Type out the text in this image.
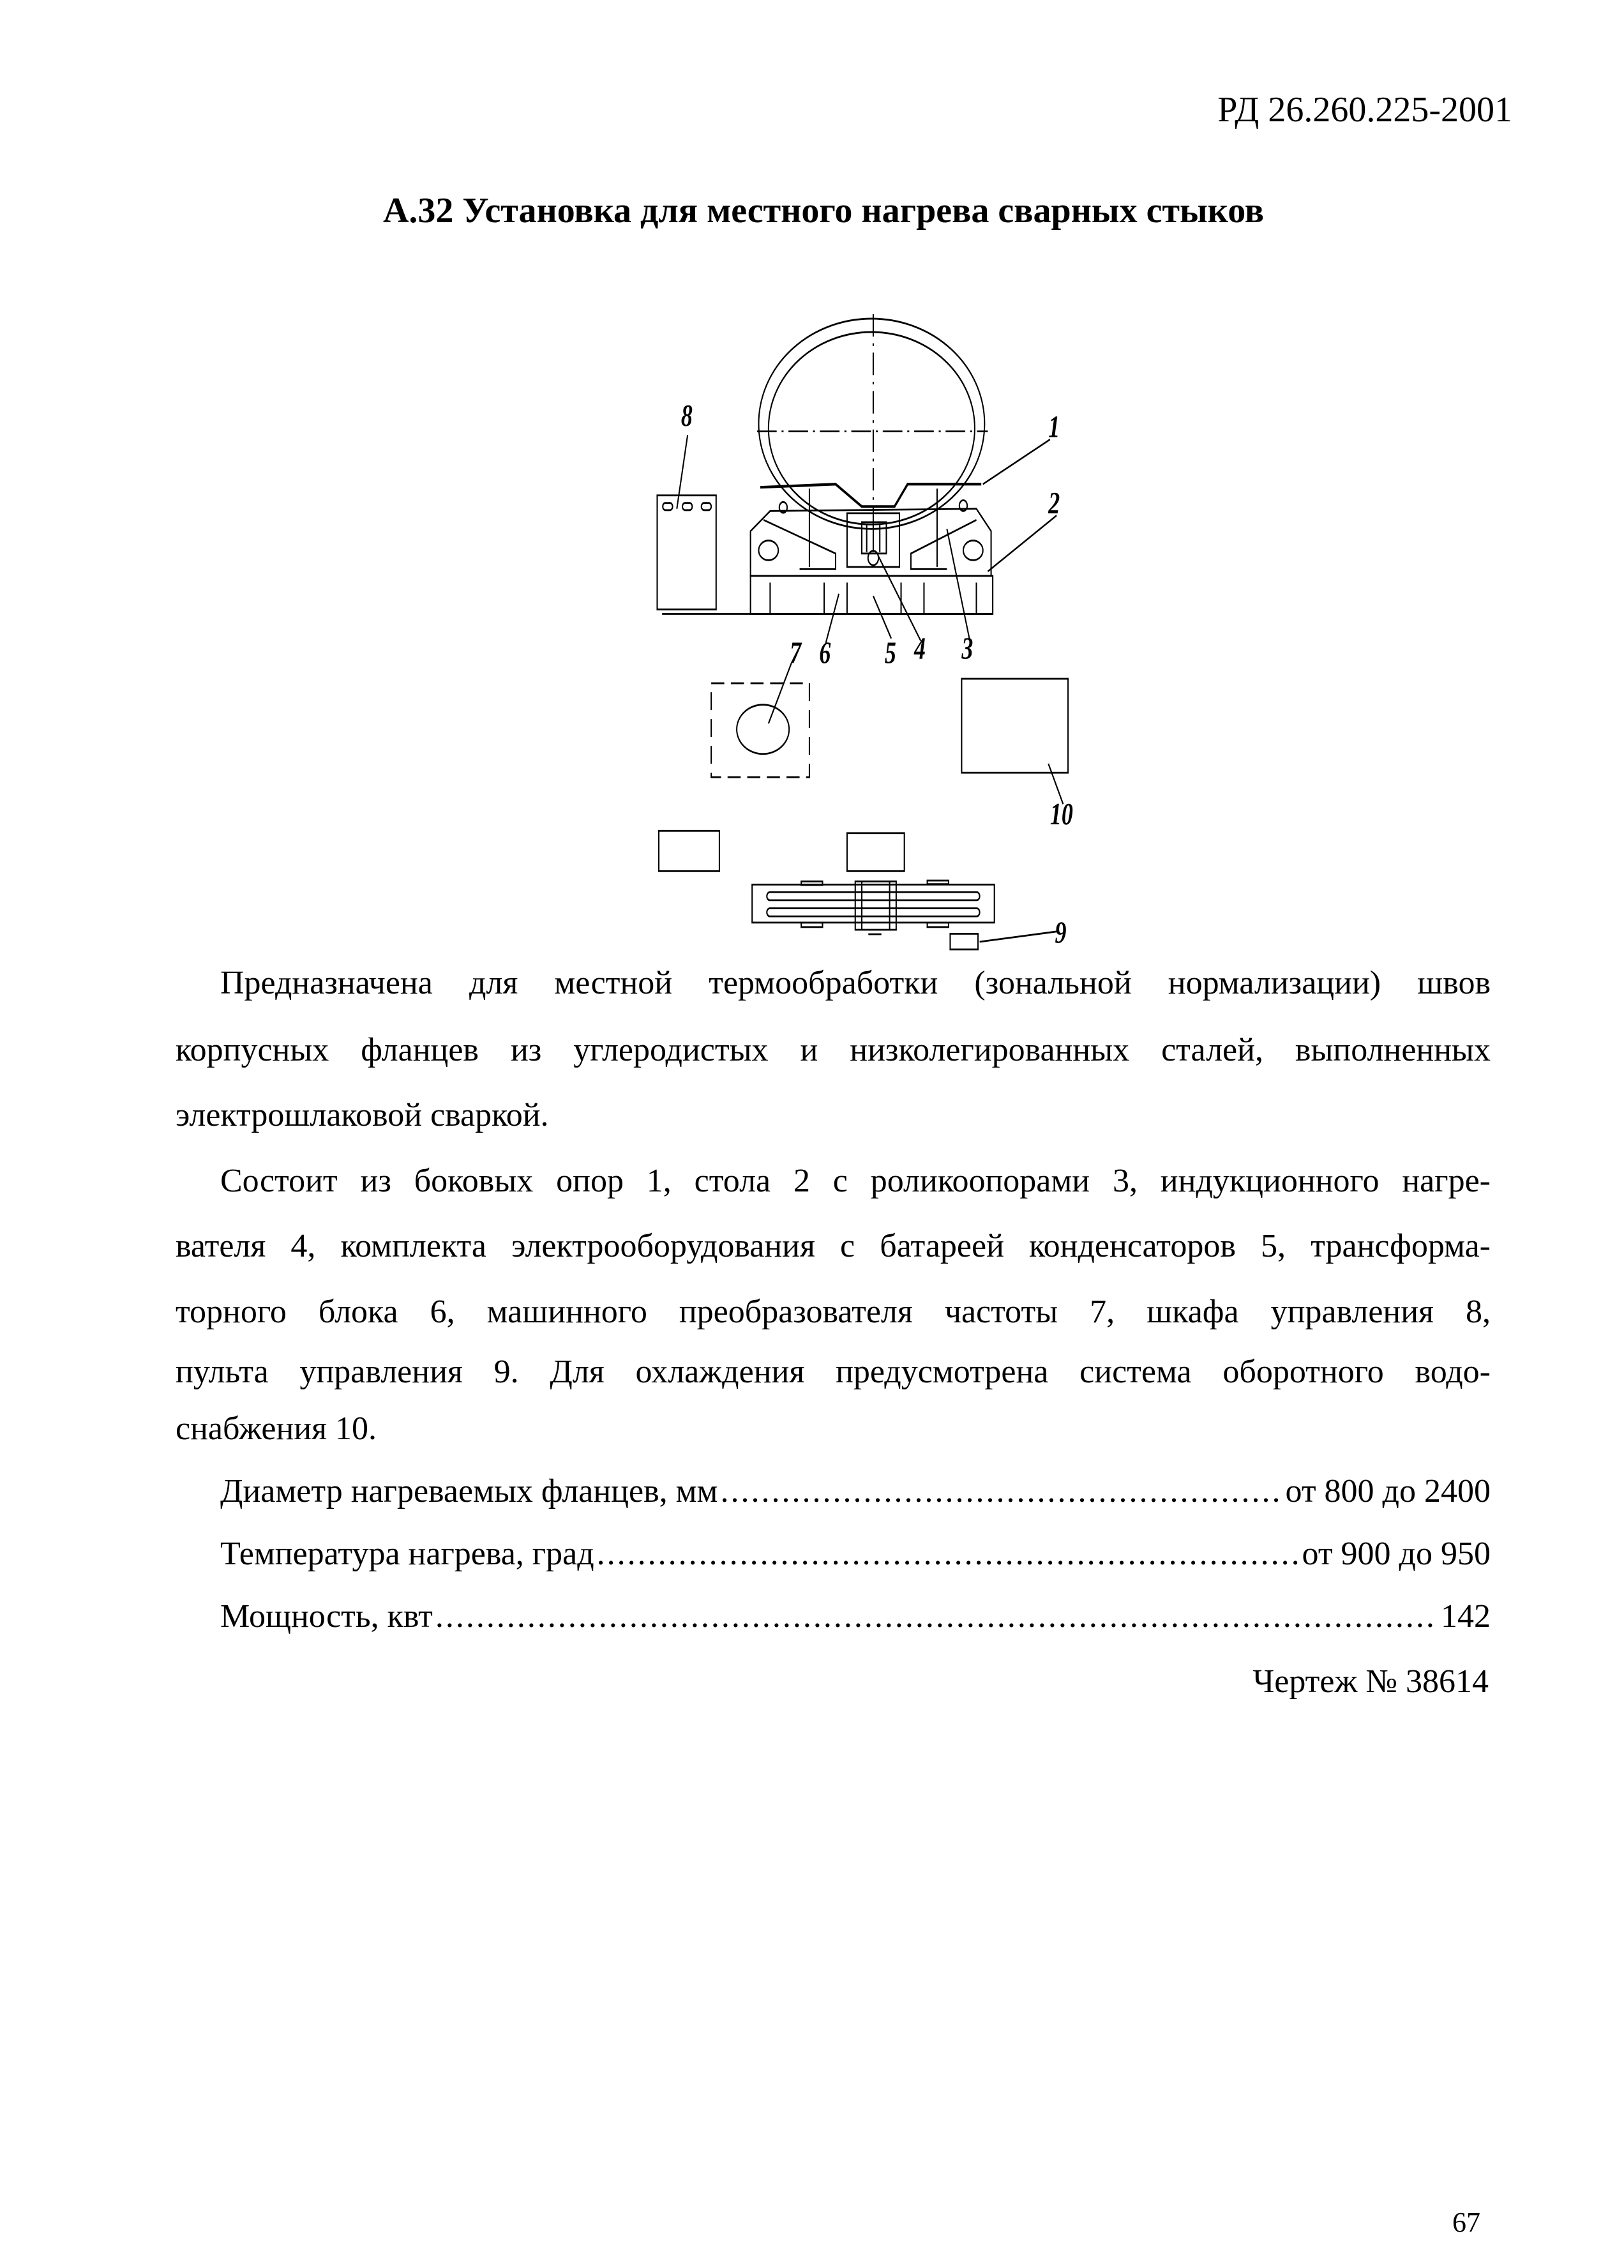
РД 26.260.225-2001
А.32 Установка для местного нагрева сварных стыков
8	1
2
7 6 5 4 3
10
9
Предназначена для местной термообработки (зональной нормализации) швов
корпусных фланцев из углеродистых и низколегированных сталей, выполненных
электрошлаковой сваркой.
Состоит из боковых опор 1, стола 2 с роликоопорами 3, индукционного нагре-
вателя 4, комплекта электрооборудования с батареей конденсаторов 5, трансформа-
торного блока 6, машинного преобразователя частоты 7, шкафа управления 8,
пульта управления 9. Для охлаждения предусмотрена система оборотного водо-
снабжения 10.
Диаметр нагреваемых фланцев, мм .....	от 800 до 2400
Температура нагрева, град .....	от 900 до 950
Мощность, квт .....	142
Чертеж № 38614
67
